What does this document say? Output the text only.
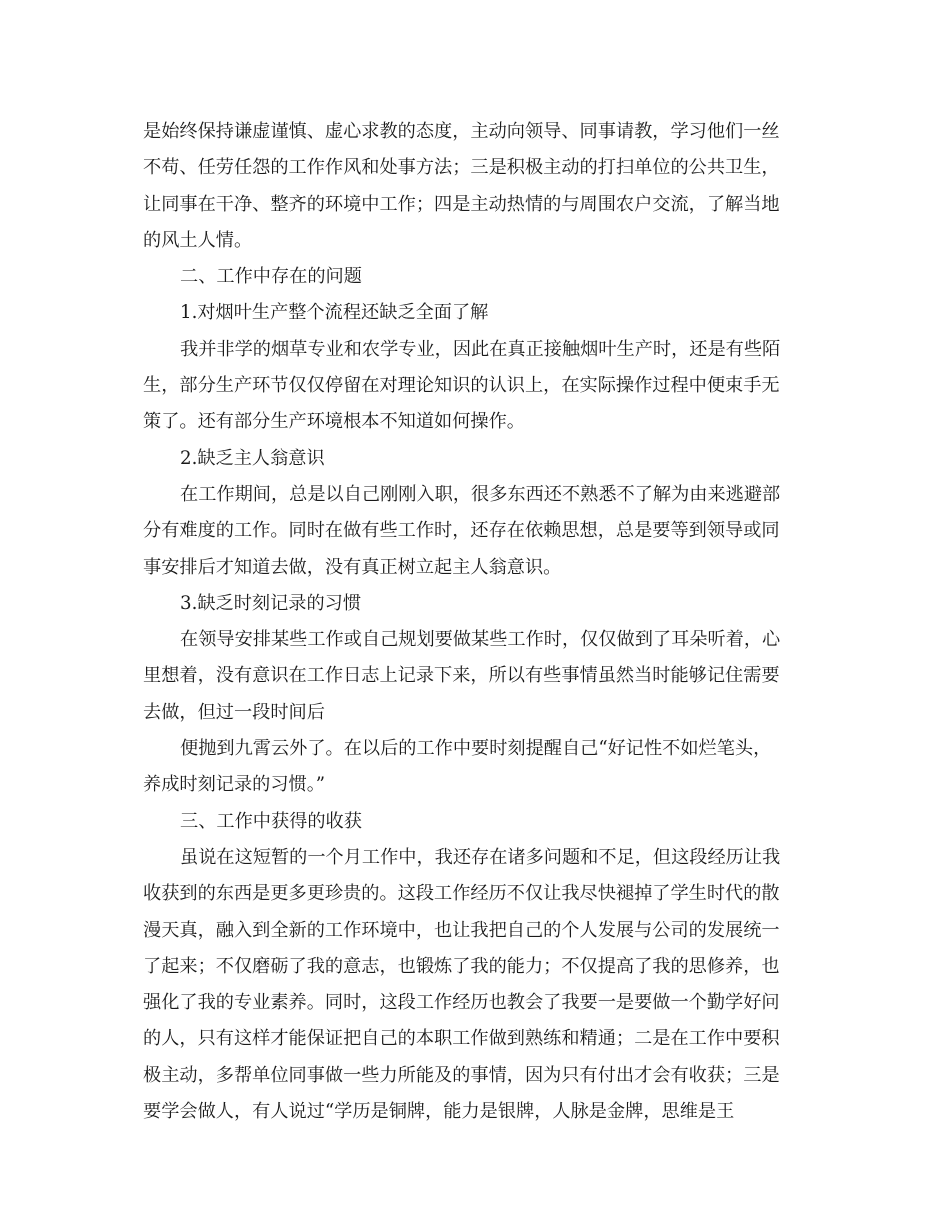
是始终保持谦虚谨慎、虚心求教的态度，主动向领导、同事请教，学习他们一丝
不苟、任劳任怨的工作作风和处事方法；三是积极主动的打扫单位的公共卫生，
让同事在干净、整齐的环境中工作；四是主动热情的与周围农户交流，了解当地
的风土人情。
二、工作中存在的问题
1.对烟叶生产整个流程还缺乏全面了解
我并非学的烟草专业和农学专业，因此在真正接触烟叶生产时，还是有些陌
生，部分生产环节仅仅停留在对理论知识的认识上，在实际操作过程中便束手无
策了。还有部分生产环境根本不知道如何操作。
2.缺乏主人翁意识
在工作期间，总是以自己刚刚入职，很多东西还不熟悉不了解为由来逃避部
分有难度的工作。同时在做有些工作时，还存在依赖思想，总是要等到领导或同
事安排后才知道去做，没有真正树立起主人翁意识。
3.缺乏时刻记录的习惯
在领导安排某些工作或自己规划要做某些工作时，仅仅做到了耳朵听着，心
里想着，没有意识在工作日志上记录下来，所以有些事情虽然当时能够记住需要
去做，但过一段时间后
便抛到九霄云外了。在以后的工作中要时刻提醒自己“好记性不如烂笔头，
养成时刻记录的习惯。”
三、工作中获得的收获
虽说在这短暂的一个月工作中，我还存在诸多问题和不足，但这段经历让我
收获到的东西是更多更珍贵的。这段工作经历不仅让我尽快褪掉了学生时代的散
漫天真，融入到全新的工作环境中，也让我把自己的个人发展与公司的发展统一
了起来；不仅磨砺了我的意志，也锻炼了我的能力；不仅提高了我的思修养，也
强化了我的专业素养。同时，这段工作经历也教会了我要一是要做一个勤学好问
的人，只有这样才能保证把自己的本职工作做到熟练和精通；二是在工作中要积
极主动，多帮单位同事做一些力所能及的事情，因为只有付出才会有收获；三是
要学会做人，有人说过“学历是铜牌，能力是银牌，人脉是金牌，思维是王
